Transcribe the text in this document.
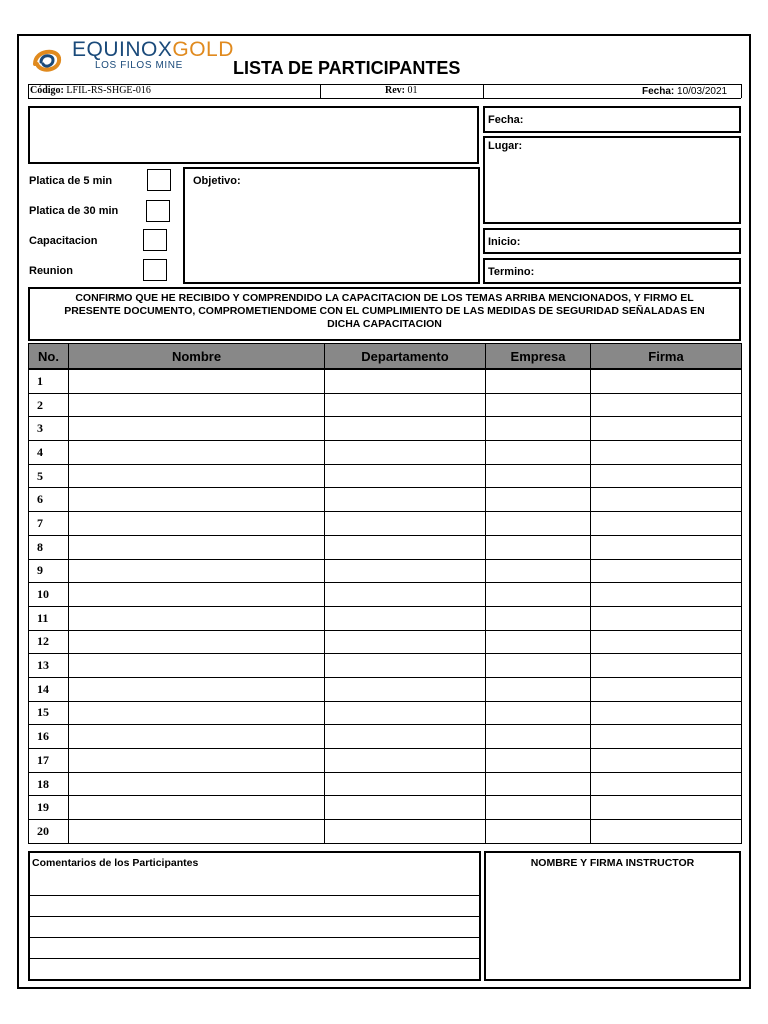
EQUINOXGOLD
LOS FILOS MINE	LISTA DE PARTICIPANTES
Código: LFIL-RS-SHGE-016	Rev: 01	Fecha: 10/03/2021
Fecha:
Lugar:
Inicio:
Termino:
Platica de 5 min
Platica de 30 min
Capacitacion
Reunion
Objetivo:
CONFIRMO QUE HE RECIBIDO Y COMPRENDIDO LA CAPACITACION DE LOS TEMAS ARRIBA MENCIONADOS, Y FIRMO EL
PRESENTE DOCUMENTO, COMPROMETIENDOME CON EL CUMPLIMIENTO DE LAS MEDIDAS DE SEGURIDAD SEÑALADAS EN
DICHA CAPACITACION
No.	Nombre	Departamento	Empresa	Firma
1				
2				
3				
4				
5				
6				
7				
8				
9				
10				
11				
12				
13				
14				
15				
16				
17				
18				
19				
20				
Comentarios de los Participantes	NOMBRE Y FIRMA INSTRUCTOR
